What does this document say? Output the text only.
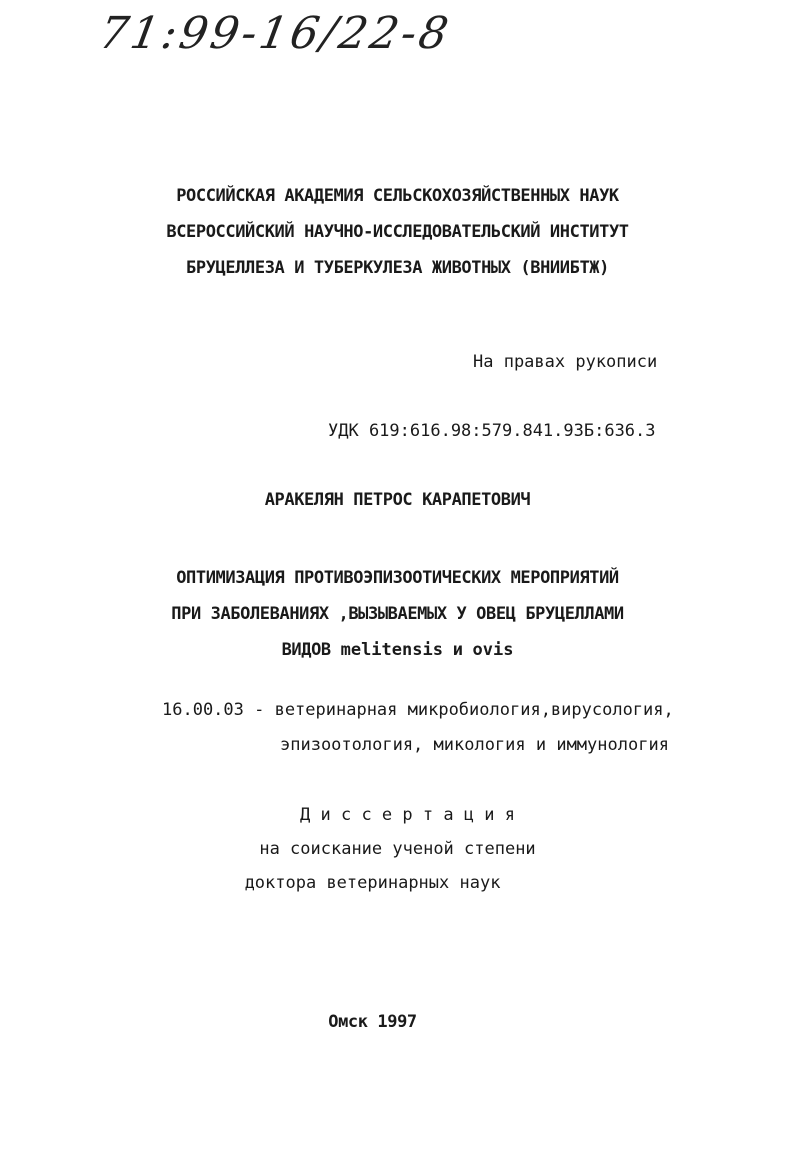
71:99-16/22-8
РОССИЙСКАЯ АКАДЕМИЯ СЕЛЬСКОХОЗЯЙСТВЕННЫХ НАУК
ВСЕРОССИЙСКИЙ НАУЧНО-ИССЛЕДОВАТЕЛЬСКИЙ ИНСТИТУТ
БРУЦЕЛЛЕЗА И ТУБЕРКУЛЕЗА ЖИВОТНЫХ (ВНИИБТЖ)
На правах рукописи
УДК 619:616.98:579.841.93Б:636.3
АРАКЕЛЯН ПЕТРОС КАРАПЕТОВИЧ
ОПТИМИЗАЦИЯ ПРОТИВОЭПИЗООТИЧЕСКИХ МЕРОПРИЯТИЙ
ПРИ ЗАБОЛЕВАНИЯХ ,ВЫЗЫВАЕМЫХ У ОВЕЦ БРУЦЕЛЛАМИ
ВИДОВ melitensis и ovis
16.00.03 - ветеринарная микробиология,вирусология,
эпизоотология, микология и иммунология
Д и с с е р т а ц и я
на соискание ученой степени
доктора ветеринарных наук
Омск 1997
